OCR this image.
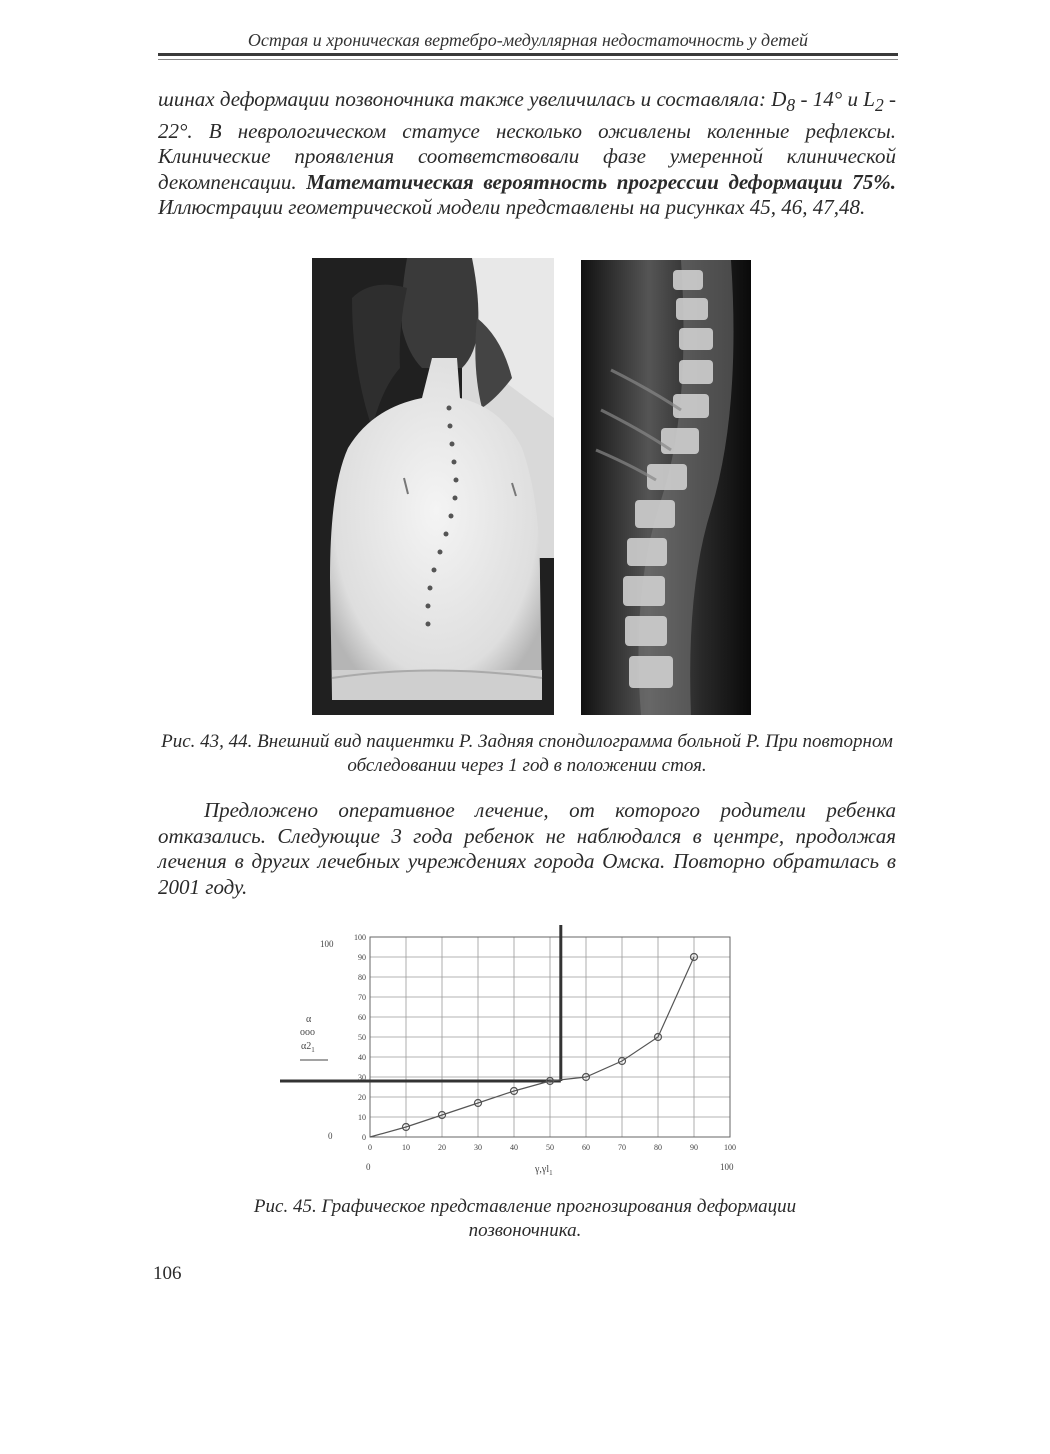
Острая и хроническая вертебро-медуллярная недостаточность у детей

шинах деформации позвоночника также увеличилась и составляла: $D_8 - 14^\circ$ и $L_2 - 22^\circ$. В неврологическом статусе несколько оживлены коленные рефлексы. Клинические проявления соответствовали фазе умеренной клинической декомпенсации. Математическая вероятность прогрессии деформации 75%. Иллюстрации геометрической модели представлены на рисунках 45, 46, 47,48.

Рис. 43, 44. Внешний вид пациентки Р. Задняя спондилограмма больной Р. При повторном обследовании через 1 год в положении стоя.

Предложено оперативное лечение, от которого родители ребенка отказались. Следующие 3 года ребенок не наблюдался в центре, продолжая лечения в других лечебных учреждениях города Омска. Повторно обратилась в 2001 году.

0	10	20	30	40	50	60	70	80	90	100
0
10
20
30
40
50
60
70
80
90
100
100
0
0	100
$\gamma,\gamma l_1$
α
ooo
$\alpha 2_1$

Рис. 45. Графическое представление прогнозирования деформации позвоночника.

106
